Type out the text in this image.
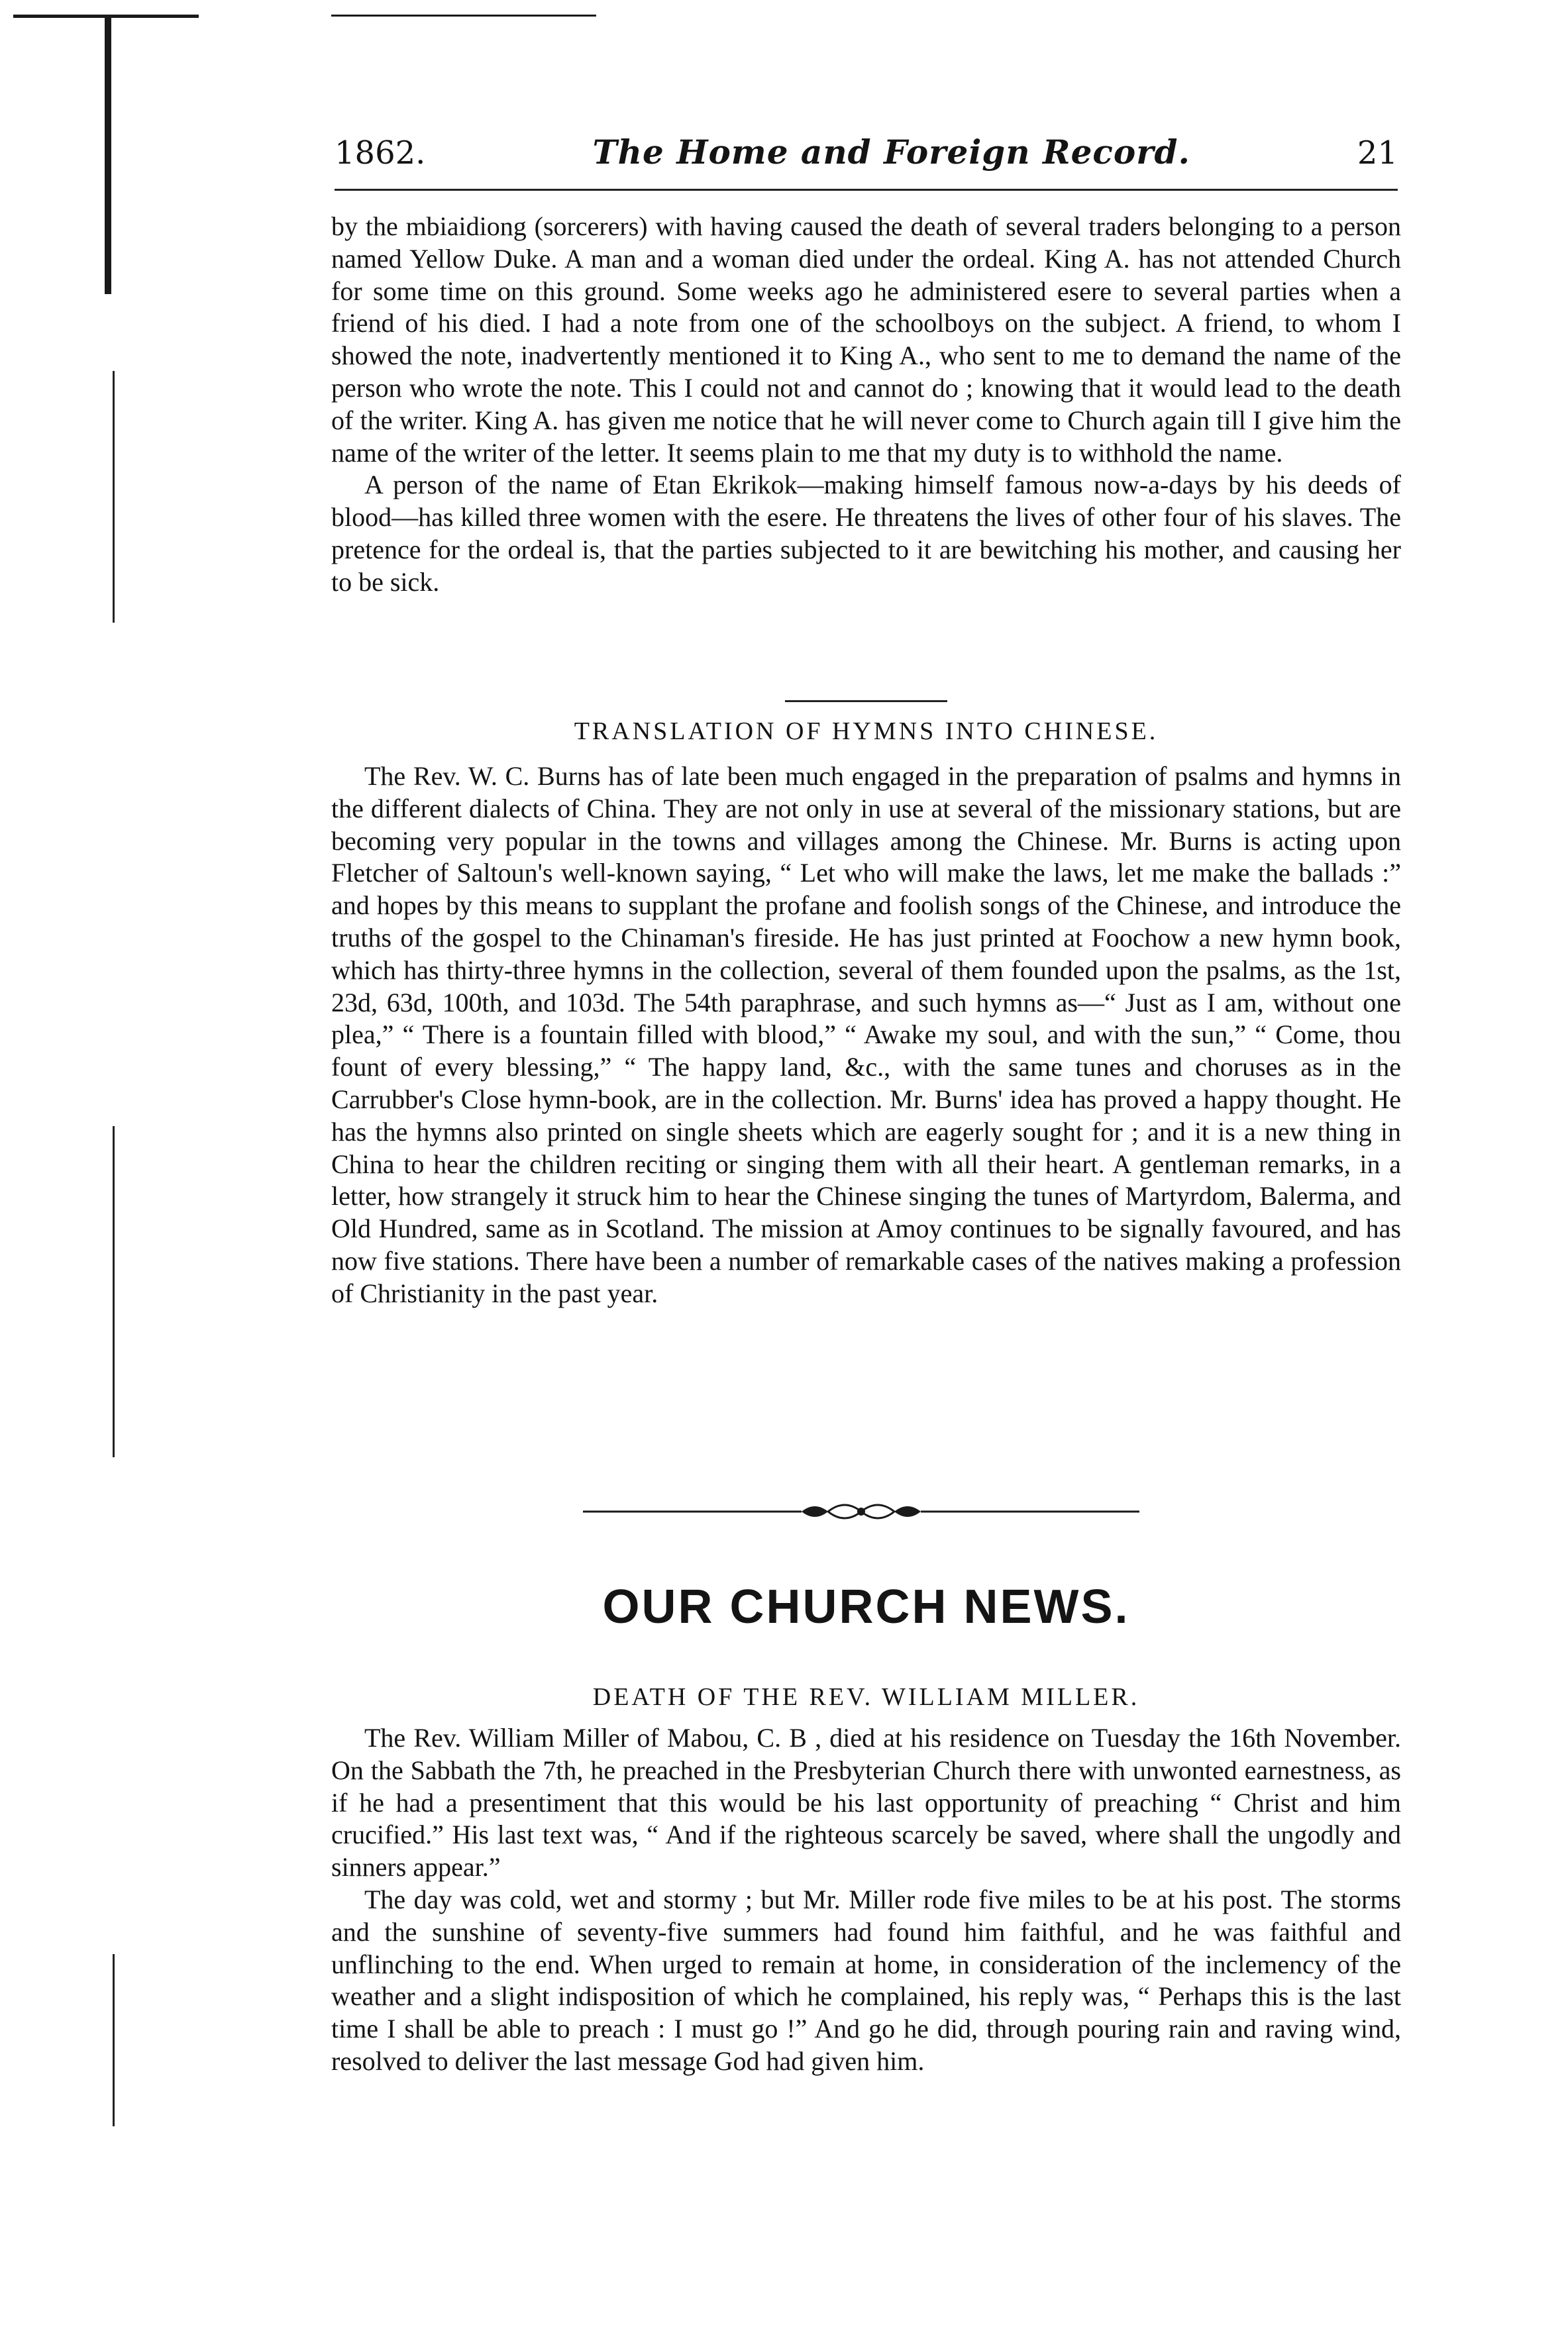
1862.	The Home and Foreign Record.	21

by the mbiaidiong (sorcerers) with having caused the death of several traders belonging to a person named Yellow Duke. A man and a woman died under the ordeal. King A. has not attended Church for some time on this ground. Some weeks ago he administered esere to several parties when a friend of his died. I had a note from one of the schoolboys on the subject. A friend, to whom I showed the note, inadvertently mentioned it to King A., who sent to me to demand the name of the person who wrote the note. This I could not and cannot do ; knowing that it would lead to the death of the writer. King A. has given me notice that he will never come to Church again till I give him the name of the writer of the letter. It seems plain to me that my duty is to withhold the name.

A person of the name of Etan Ekrikok—making himself famous now-a-days by his deeds of blood—has killed three women with the esere. He threatens the lives of other four of his slaves. The pretence for the ordeal is, that the parties subjected to it are bewitching his mother, and causing her to be sick.

TRANSLATION OF HYMNS INTO CHINESE.

The Rev. W. C. Burns has of late been much engaged in the preparation of psalms and hymns in the different dialects of China. They are not only in use at several of the missionary stations, but are becoming very popular in the towns and villages among the Chinese. Mr. Burns is acting upon Fletcher of Saltoun's well-known saying, “ Let who will make the laws, let me make the ballads :” and hopes by this means to supplant the profane and foolish songs of the Chinese, and introduce the truths of the gospel to the Chinaman's fireside. He has just printed at Foochow a new hymn book, which has thirty-three hymns in the collection, several of them founded upon the psalms, as the 1st, 23d, 63d, 100th, and 103d. The 54th paraphrase, and such hymns as—“ Just as I am, without one plea,” “ There is a fountain filled with blood,” “ Awake my soul, and with the sun,” “ Come, thou fount of every blessing,” “ The happy land, &c., with the same tunes and choruses as in the Carrubber's Close hymn-book, are in the collection. Mr. Burns' idea has proved a happy thought. He has the hymns also printed on single sheets which are eagerly sought for ; and it is a new thing in China to hear the children reciting or singing them with all their heart. A gentleman remarks, in a letter, how strangely it struck him to hear the Chinese singing the tunes of Martyrdom, Balerma, and Old Hundred, same as in Scotland. The mission at Amoy continues to be signally favoured, and has now five stations. There have been a number of remarkable cases of the natives making a profession of Christianity in the past year.

OUR CHURCH NEWS.
DEATH OF THE REV. WILLIAM MILLER.

The Rev. William Miller of Mabou, C. B , died at his residence on Tuesday the 16th November. On the Sabbath the 7th, he preached in the Presbyterian Church there with unwonted earnestness, as if he had a presentiment that this would be his last opportunity of preaching “ Christ and him crucified.” His last text was, “ And if the righteous scarcely be saved, where shall the ungodly and sinners appear.”

The day was cold, wet and stormy ; but Mr. Miller rode five miles to be at his post. The storms and the sunshine of seventy-five summers had found him faithful, and he was faithful and unflinching to the end. When urged to remain at home, in consideration of the inclemency of the weather and a slight indisposition of which he complained, his reply was, “ Perhaps this is the last time I shall be able to preach : I must go !” And go he did, through pouring rain and raving wind, resolved to deliver the last message God had given him.
